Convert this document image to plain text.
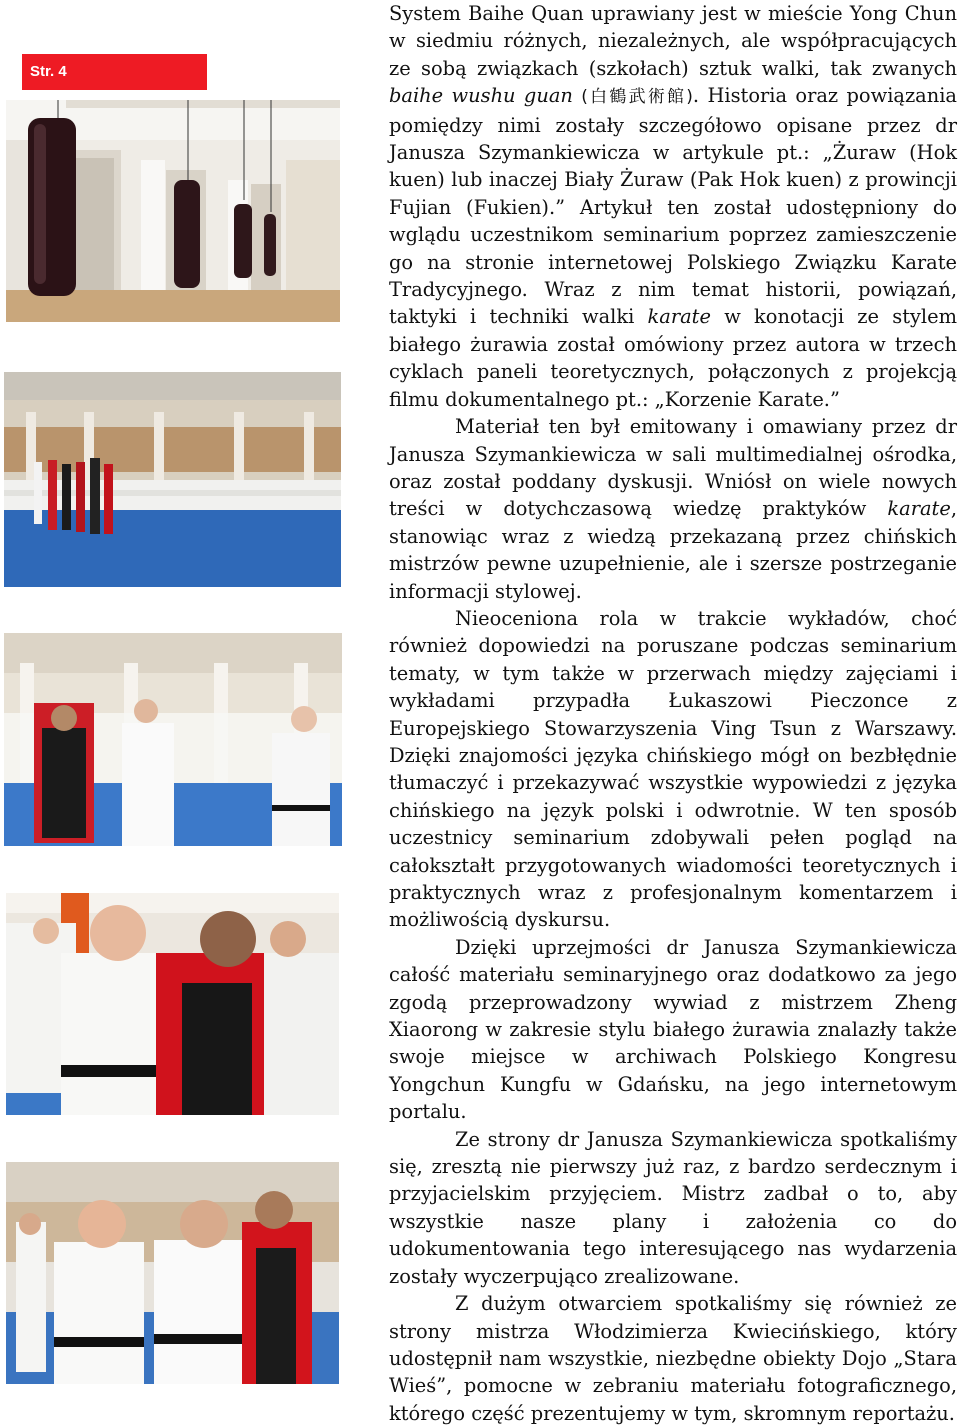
Str. 4

System Baihe Quan uprawiany jest w mieście Yong Chun w siedmiu różnych, niezależnych, ale współpracujących ze sobą związkach (szkołach) sztuk walki, tak zwanych baihe wushu guan (白鶴武術館). Historia oraz powiązania pomiędzy nimi zostały szczegółowo opisane przez dr Janusza Szymankiewicza w artykule pt.: „Żuraw (Hok kuen) lub inaczej Biały Żuraw (Pak Hok kuen) z prowincji Fujian (Fukien).” Artykuł ten został udostępniony do wglądu uczestnikom seminarium poprzez zamieszczenie go na stronie internetowej Polskiego Związku Karate Tradycyjnego. Wraz z nim temat historii, powiązań, taktyki i techniki walki karate w konotacji ze stylem białego żurawia został omówiony przez autora w trzech cyklach paneli teoretycznych, połączonych z projekcją filmu dokumentalnego pt.: „Korzenie Karate.”

Materiał ten był emitowany i omawiany przez dr Janusza Szymankiewicza w sali multimedialnej ośrodka, oraz został poddany dyskusji. Wniósł on wiele nowych treści w dotychczasową wiedzę praktyków karate, stanowiąc wraz z wiedzą przekazaną przez chińskich mistrzów pewne uzupełnienie, ale i szersze postrzeganie informacji stylowej.

Nieoceniona rola w trakcie wykładów, choć również dopowiedzi na poruszane podczas seminarium tematy, w tym także w przerwach między zajęciami i wykładami przypadła Łukaszowi Pieczonce z Europejskiego Stowarzyszenia Ving Tsun z Warszawy. Dzięki znajomości języka chińskiego mógł on bezbłędnie tłumaczyć i przekazywać wszystkie wypowiedzi z języka chińskiego na język polski i odwrotnie. W ten sposób uczestnicy seminarium zdobywali pełen pogląd na całokształt przygotowanych wiadomości teoretycznych i praktycznych wraz z profesjonalnym komentarzem i możliwością dyskursu.

Dzięki uprzejmości dr Janusza Szymankiewicza całość materiału seminaryjnego oraz dodatkowo za jego zgodą przeprowadzony wywiad z mistrzem Zheng Xiaorong w zakresie stylu białego żurawia znalazły także swoje miejsce w archiwach Polskiego Kongresu Yongchun Kungfu w Gdańsku, na jego internetowym portalu.

Ze strony dr Janusza Szymankiewicza spotkaliśmy się, zresztą nie pierwszy już raz, z bardzo serdecznym i przyjacielskim przyjęciem. Mistrz zadbał o to, aby wszystkie nasze plany i założenia co do udokumentowania tego interesującego nas wydarzenia zostały wyczerpująco zrealizowane.

Z dużym otwarciem spotkaliśmy się również ze strony mistrza Włodzimierza Kwiecińskiego, który udostępnił nam wszystkie, niezbędne obiekty Dojo „Stara Wieś”, pomocne w zebraniu materiału fotograficznego, którego część prezentujemy w tym, skromnym reportażu.
